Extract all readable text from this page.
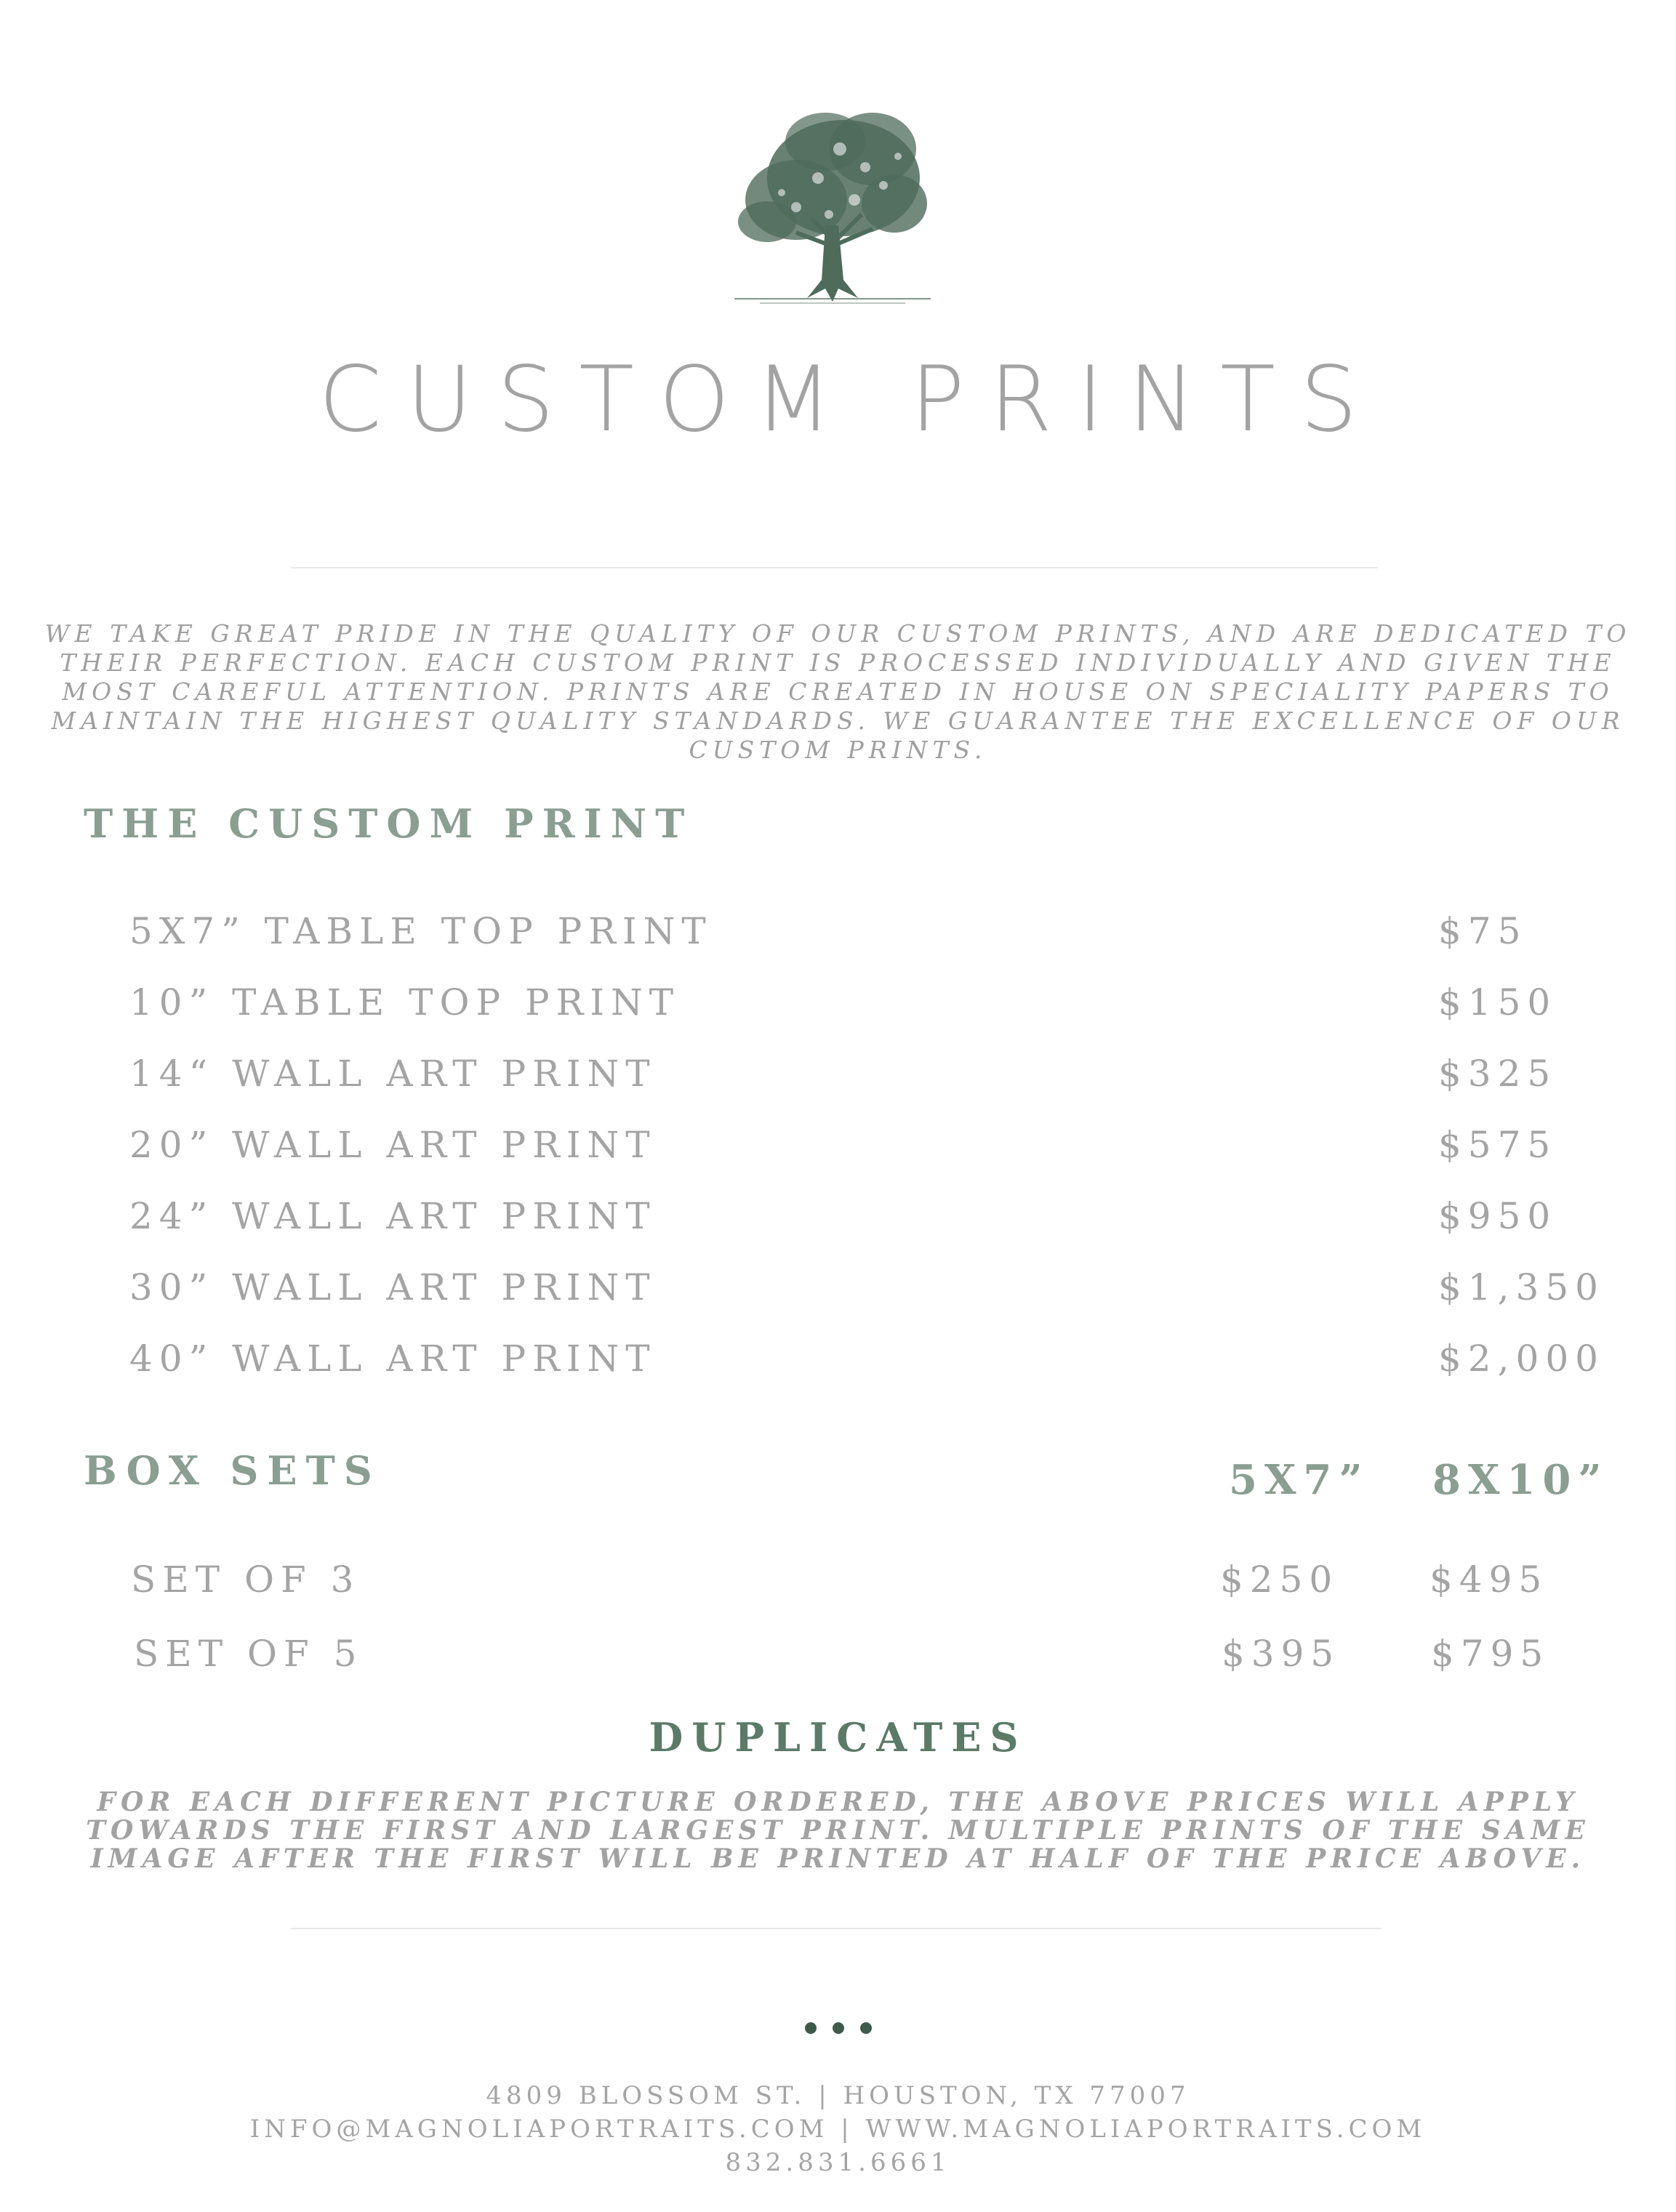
CUSTOM PRINTS
WE TAKE GREAT PRIDE IN THE QUALITY OF OUR CUSTOM PRINTS, AND ARE DEDICATED TO THEIR PERFECTION. EACH CUSTOM PRINT IS PROCESSED INDIVIDUALLY AND GIVEN THE MOST CAREFUL ATTENTION. PRINTS ARE CREATED IN HOUSE ON SPECIALITY PAPERS TO MAINTAIN THE HIGHEST QUALITY STANDARDS. WE GUARANTEE THE EXCELLENCE OF OUR CUSTOM PRINTS.
THE CUSTOM PRINT
5X7” TABLE TOP PRINT	$75
10” TABLE TOP PRINT	$150
14“ WALL ART PRINT	$325
20” WALL ART PRINT	$575
24” WALL ART PRINT	$950
30” WALL ART PRINT	$1,350
40” WALL ART PRINT	$2,000
BOX SETS	5X7” 8X10”
SET OF 3	$250 $495
SET OF 5	$395 $795
DUPLICATES
FOR EACH DIFFERENT PICTURE ORDERED, THE ABOVE PRICES WILL APPLY TOWARDS THE FIRST AND LARGEST PRINT. MULTIPLE PRINTS OF THE SAME IMAGE AFTER THE FIRST WILL BE PRINTED AT HALF OF THE PRICE ABOVE.
4809 BLOSSOM ST. | HOUSTON, TX 77007
INFO@MAGNOLIAPORTRAITS.COM | WWW.MAGNOLIAPORTRAITS.COM
832.831.6661
